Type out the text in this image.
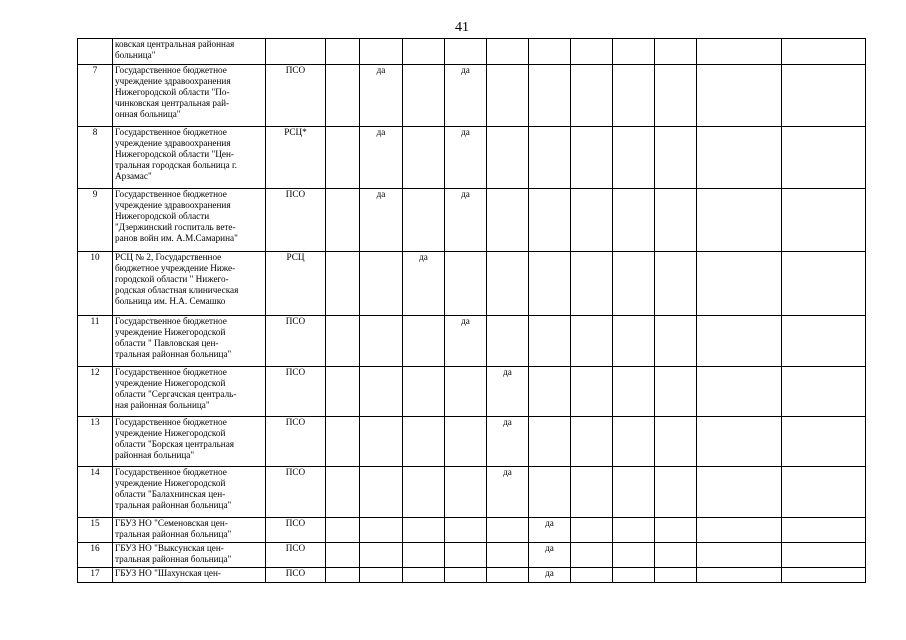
41

	ковская центральная районная
больница"												

7	Государственное бюджетное
учреждение здравоохранения
Нижегородской области "По-
чинковская центральная рай-
онная больница"	ПСО		да		да							
8	Государственное бюджетное
учреждение здравоохранения
Нижегородской области "Цен-
тральная городская больница г.
Арзамас"	РСЦ*		да		да							
9	Государственное бюджетное
учреждение здравоохранения
Нижегородской области
"Дзержинский госпиталь вете-
ранов войн им. А.М.Самарина"	ПСО		да		да							
10	РСЦ № 2, Государственное
бюджетное учреждение Ниже-
городской области " Нижего-
родская областная клиническая
больница им. Н.А. Семашко	РСЦ			да								
11	Государственное бюджетное
учреждение Нижегородской
области " Павловская цен-
тральная районная больница"	ПСО				да							
12	Государственное бюджетное
учреждение Нижегородской
области "Сергачская централь-
ная районная больница"	ПСО					да						
13	Государственное бюджетное
учреждение Нижегородской
области "Борская центральная
районная больница"	ПСО					да						
14	Государственное бюджетное
учреждение Нижегородской
области "Балахнинская цен-
тральная районная больница"	ПСО					да						
15	ГБУЗ НО "Семеновская цен-
тральная районная больница"	ПСО						да					
16	ГБУЗ НО "Выксунская цен-
тральная районная больница"	ПСО						да					
17	ГБУЗ НО "Шахунская цен-	ПСО						да					
